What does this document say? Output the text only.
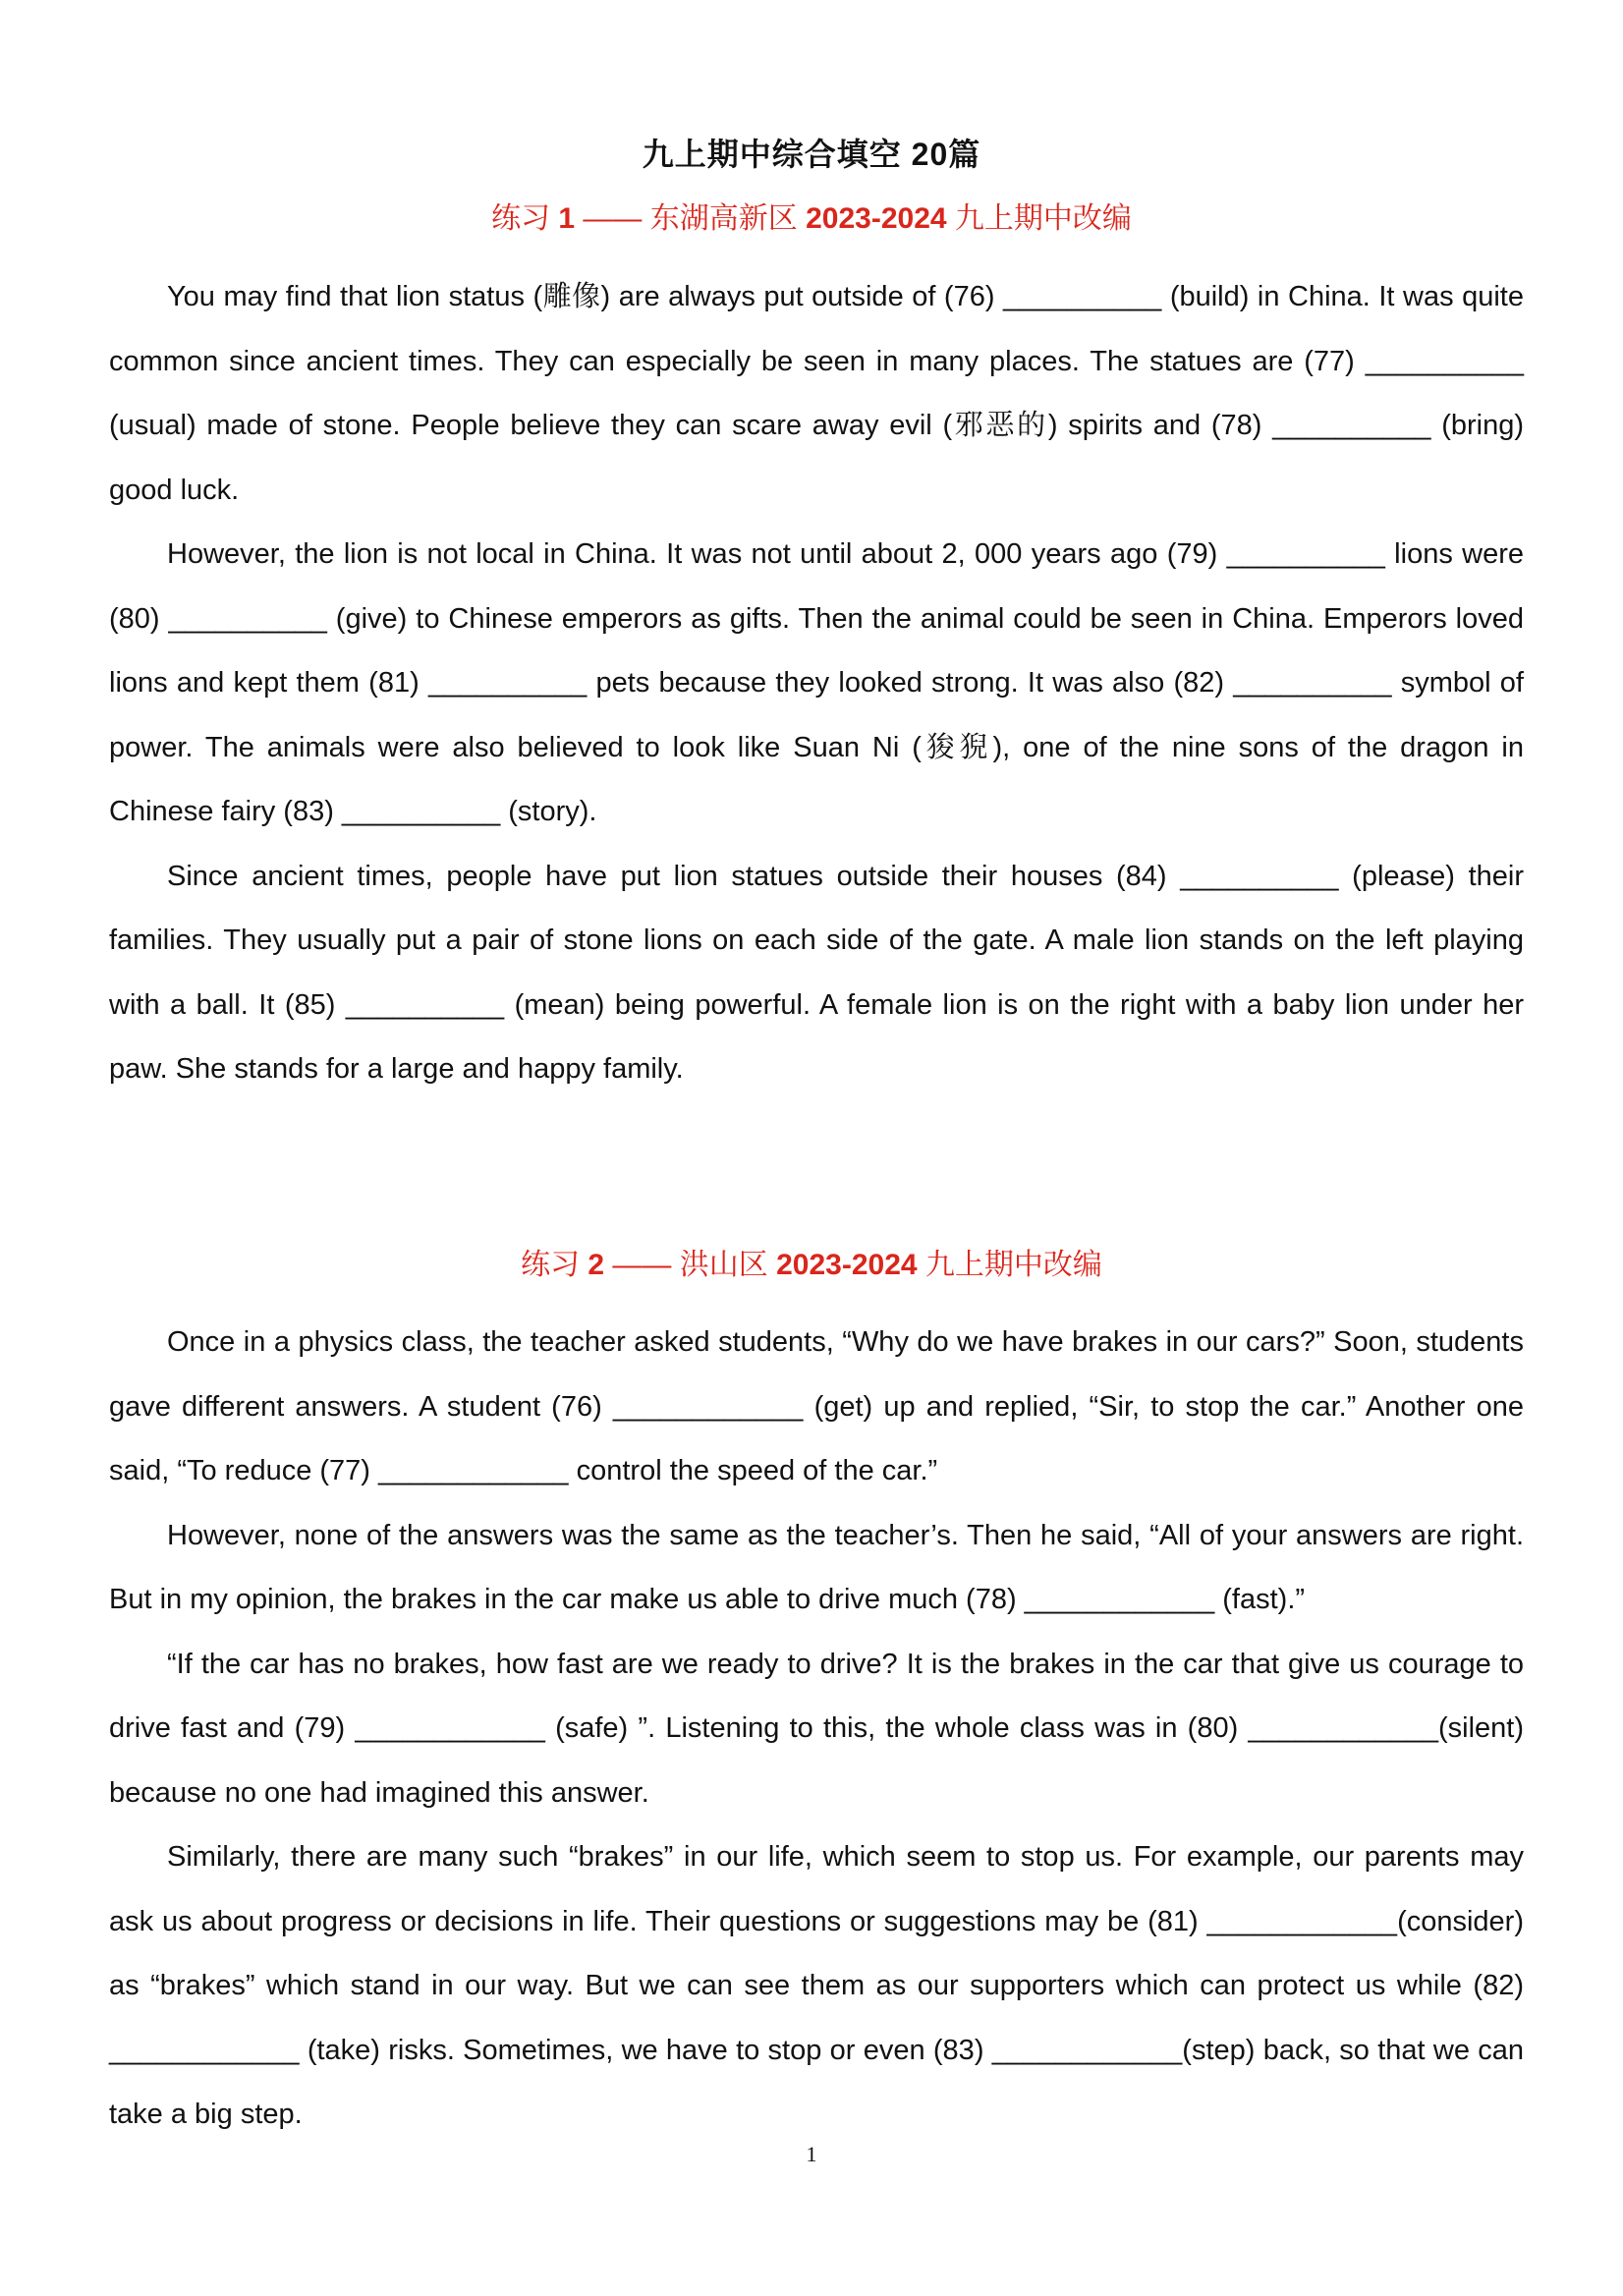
九上期中综合填空 20篇
练习 1 —— 东湖高新区 2023-2024 九上期中改编

You may find that lion status (雕像) are always put outside of (76) __________ (build) in China. It was quite common since ancient times. They can especially be seen in many places. The statues are (77) __________ (usual) made of stone. People believe they can scare away evil (邪恶的) spirits and (78) __________ (bring) good luck.

However, the lion is not local in China. It was not until about 2, 000 years ago (79) __________ lions were (80) __________ (give) to Chinese emperors as gifts. Then the animal could be seen in China. Emperors loved lions and kept them (81) __________ pets because they looked strong. It was also (82) __________ symbol of power. The animals were also believed to look like Suan Ni (狻猊), one of the nine sons of the dragon in Chinese fairy (83) __________ (story).

Since ancient times, people have put lion statues outside their houses (84) __________ (please) their families. They usually put a pair of stone lions on each side of the gate. A male lion stands on the left playing with a ball. It (85) __________ (mean) being powerful. A female lion is on the right with a baby lion under her paw. She stands for a large and happy family.

练习 2 —— 洪山区 2023-2024 九上期中改编

Once in a physics class, the teacher asked students, “Why do we have brakes in our cars?” Soon, students gave different answers. A student (76) ____________ (get) up and replied, “Sir, to stop the car.” Another one said, “To reduce (77) ____________ control the speed of the car.”

However, none of the answers was the same as the teacher’s. Then he said, “All of your answers are right. But in my opinion, the brakes in the car make us able to drive much (78) ____________ (fast).”

“If the car has no brakes, how fast are we ready to drive? It is the brakes in the car that give us courage to drive fast and (79) ____________ (safe) ”. Listening to this, the whole class was in (80) ____________(silent) because no one had imagined this answer.

Similarly, there are many such “brakes” in our life, which seem to stop us. For example, our parents may ask us about progress or decisions in life. Their questions or suggestions may be (81) ____________(consider) as “brakes” which stand in our way. But we can see them as our supporters which can protect us while (82) ____________ (take) risks. Sometimes, we have to stop or even (83) ____________(step) back, so that we can take a big step.

1
